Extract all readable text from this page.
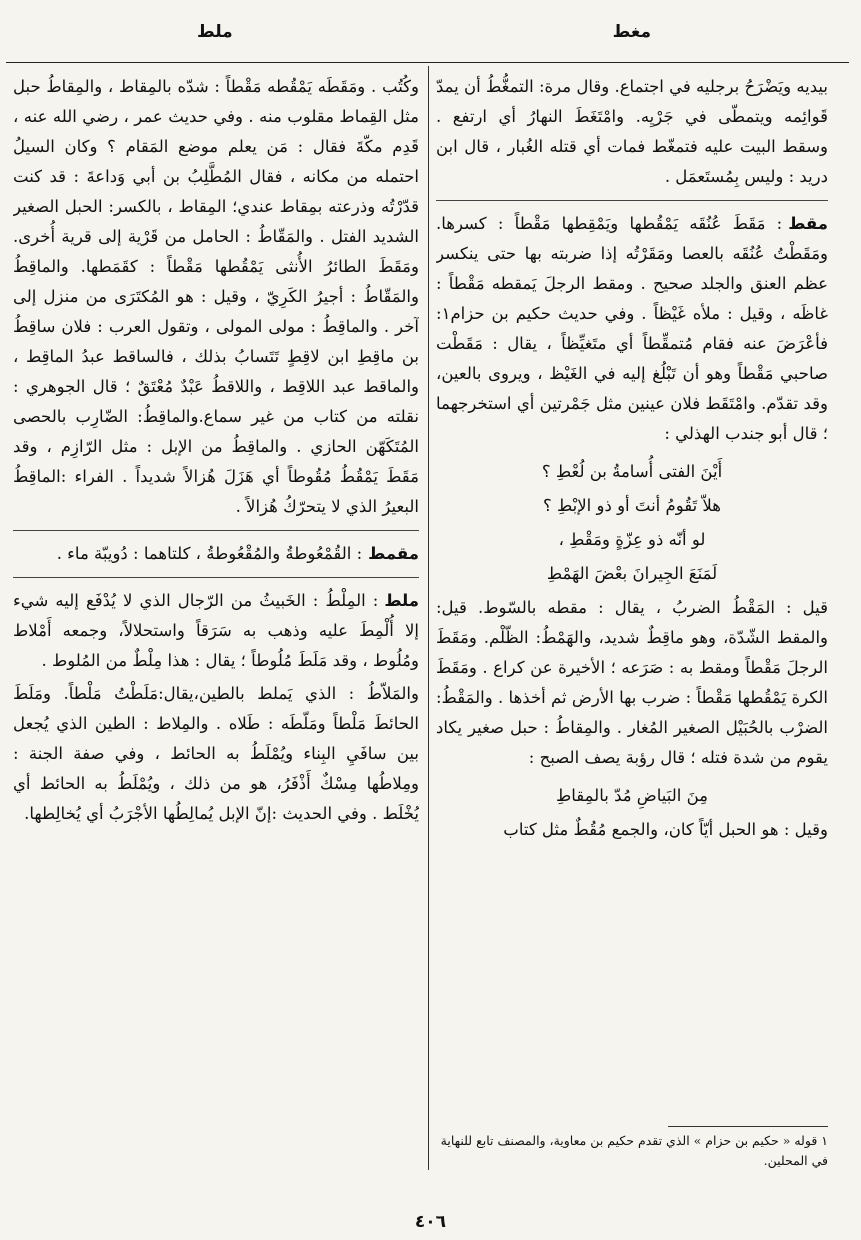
مغط
ملط

بيديه ويَضْرَحُ برجليه في اجتماع. وقال مرة: التمغُّطُ أن يمدّ قَوائِمه ويتمطّى في جَرْيِه. وامْتَغَطَ النهارُ أي ارتفع . وسقط البيت عليه فتمغّط فمات أي قتله الغُبار ، قال ابن دريد : وليس بِمُستَعمَل .

مقط: مَقَطَ عُنُقَه يَمْقُطها ويَمْقِطها مَقْطاً : كسرها. ومَقَطْتُ عُنُقَه بالعصا ومَقَرْتُه إذا ضربته بها حتى ينكسر عظم العنق والجلد صحيح . ومقط الرجلَ يَمقطه مَقْطاً : غاظَه ، وقيل : ملأه غَيْظاً . وفي حديث حكيم بن حزام١: فأعْرَضَ عنه فقام مُتمقِّطاً أي متَغيِّظاً ، يقال : مَقَطْت صاحبي مَقْطاً وهو أن تَبْلُغ إليه في الغَيْظ ، ويروى بالعين، وقد تقدّم. وامْتَقَط فلان عينين مثل جَمْرتين أي استخرجهما ؛ قال أبو جندب الهذلي :

أَيْنَ الفتى أُسامةُ بن لُعْطِ ؟
هلاّ تَقُومُ أنتَ أو ذو الإبْطِ ؟
لو أنّه ذو عِزّةٍ ومَقْطِ ،
لَمَنَعَ الجِيرانَ بعْضَ الهَمْطِ

قيل : المَقْطُ الضربُ ، يقال : مقطه بالسّوط. قيل: والمقط الشّدّة، وهو ماقِطٌ شديد، والهَمْطُ: الظّلْم. ومَقَطَ الرجلَ مَقْطاً ومقط به : صَرَعه ؛ الأخيرة عن كراع . ومَقَطَ الكرة يَمْقُطها مَقْطاً : ضرب بها الأرض ثم أخذها . والمَقْطُ: الضرْب بالحُبَيْل الصغير المُغار . والمِقاطُ : حبل صغير يكاد يقوم من شدة فتله ؛ قال رؤبة يصف الصبح :

مِنَ البَياضِ مُدّ بالمِقاطِ

وقيل : هو الحبل أيّاً كان، والجمع مُقُطٌ مثل كتاب

وكُتُب . ومَقَطَه يَمْقُطه مَقْطاً : شدّه بالمِقاط ، والمِقاطُ حبل مثل القِماط مقلوب منه . وفي حديث عمر ، رضي الله عنه ، قَدِم مكّةَ فقال : مَن يعلم موضع المَقام ؟ وكان السيلُ احتمله من مكانه ، فقال المُطَّلِبُ بن أبي وَداعةَ : قد كنت قدّرْتُه وذرعته بمِقاط عندي؛ المِقاط ، بالكسر: الحبل الصغير الشديد الفتل . والمَقّاطُ : الحامل من قَرْية إلى قرية أُخرى. ومَقَطَ الطائرُ الأُنثى يَمْقُطها مَقْطاً : كقَمَطها. والماقِطُ والمَقّاطُ : أجيرُ الكَرِيّ ، وقيل : هو المُكتَرَى من منزل إلى آخر . والماقِطُ : مولى المولى ، وتقول العرب : فلان ساقِطُ بن ماقِطِ ابن لاقِطٍ تَتَسابُ بذلك ، فالساقط عبدُ الماقِط ، والماقط عبد اللاقِط ، واللاقطُ عَبْدٌ مُعْتَقٌ ؛ قال الجوهري : نقلته من كتاب من غير سماع.والماقِطُ: الضّارِب بالحصى المُتَكَهّن الحازي . والماقِطُ من الإبل : مثل الرّازِم ، وقد مَقَطَ يَمْقُطُ مُقُوطاً أي هَزَلَ هُزالاً شديداً . الفراء :الماقِطُ البعيرُ الذي لا يتحرّكُ هُزالاً .

مقمط: القُمْعُوطةُ والمُقْعُوطةُ ، كلتاهما : دُويبّة ماء .

ملط: المِلْطُ : الخَبيثُ من الرّجال الذي لا يُدْفَع إليه شيء إلا أُلْمِطَ عليه وذهب به سَرَقاً واستحلالاً، وجمعه أَمْلاط ومُلُوط ، وقد مَلَطَ مُلُوطاً ؛ يقال : هذا مِلْطٌ من المُلوط .

والمَلاّطُ : الذي يَملط بالطين،يقال:مَلَطْتُ مَلْطاً. ومَلَطَ الحائطَ مَلْطاً ومَلّطَه : طَلاه . والمِلاط : الطين الذي يُجعل بين سافَيِ البِناء ويُمْلَطُ به الحائط ، وفي صفة الجنة : ومِلاطُها مِسْكٌ أَذْفَرُ، هو من ذلك ، ويُمْلَطُ به الحائط أي يُخْلَط . وفي الحديث :إنّ الإبل يُمالِطُها الأجْرَبُ أي يُخالِطها.

١ قوله « حكيم بن حزام » الذي تقدم حكيم بن معاوية، والمصنف تابع للنهاية في المحلين.
٤٠٦
